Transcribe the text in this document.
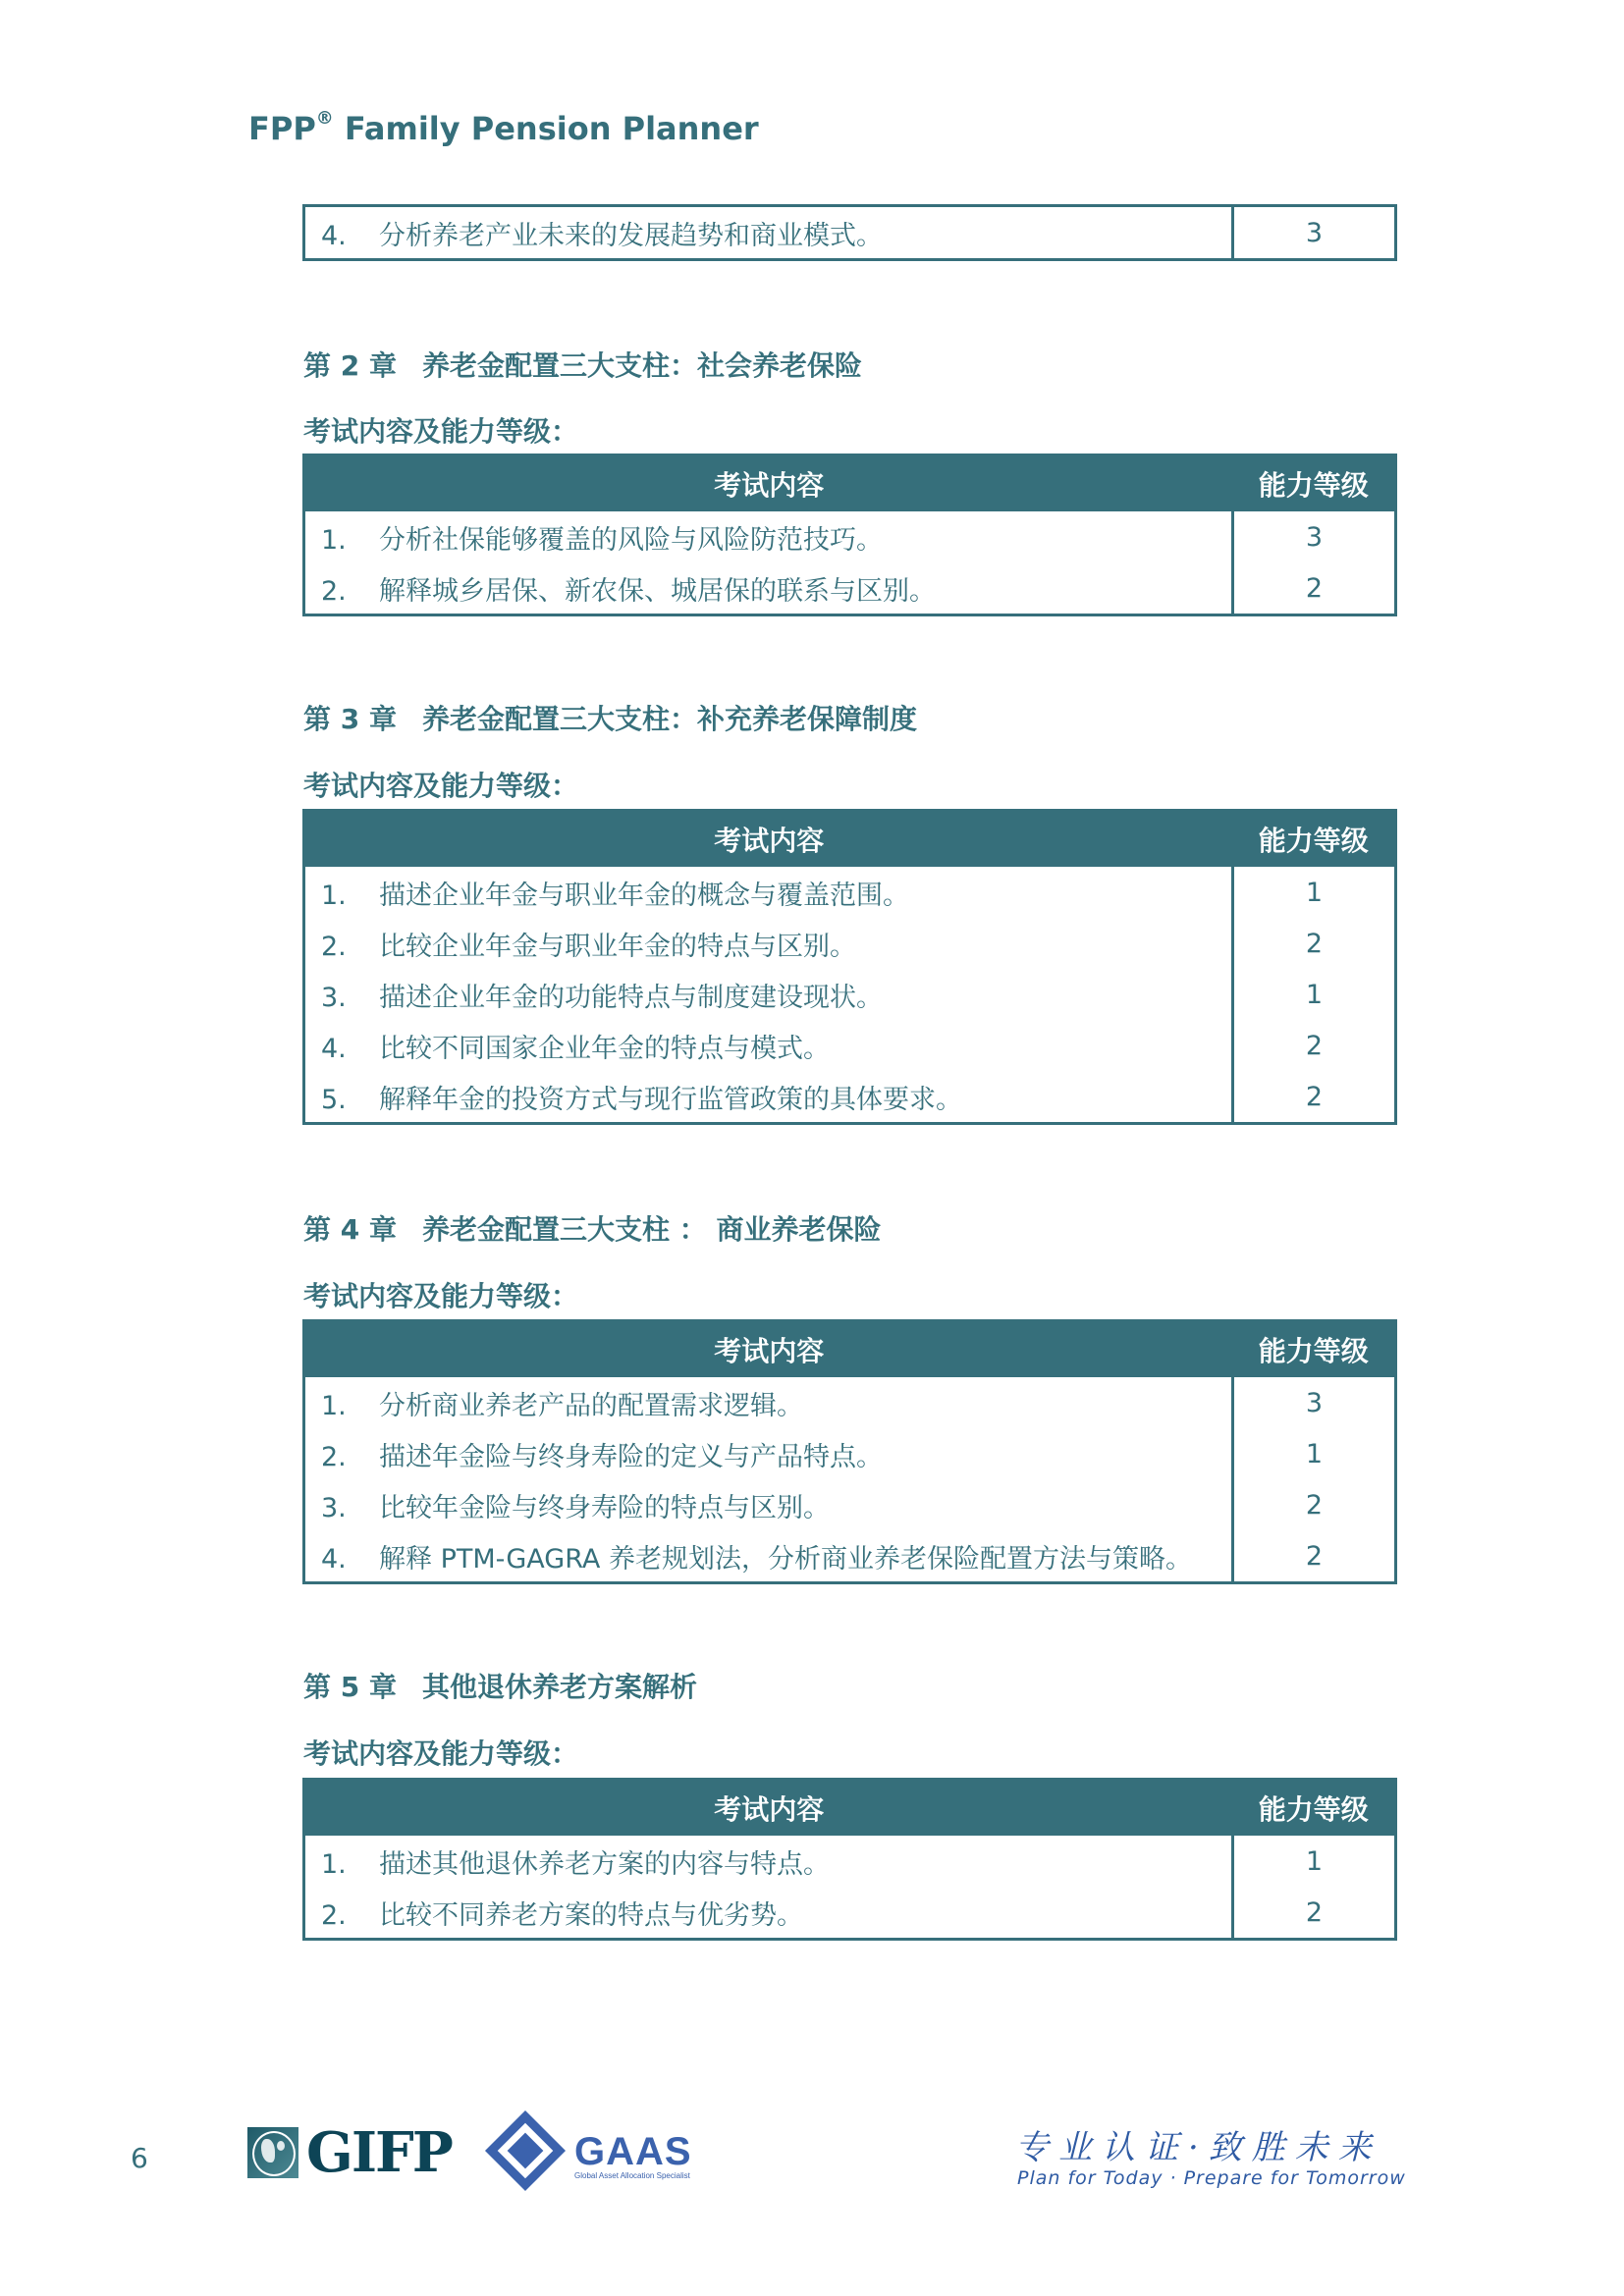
FPP® Family Pension Planner
4. 分析养老产业未来的发展趋势和商业模式。	3
第 2 章 养老金配置三大支柱：社会养老保险
考试内容及能力等级：
考试内容	能力等级
1. 分析社保能够覆盖的风险与风险防范技巧。	3
2. 解释城乡居保、新农保、城居保的联系与区别。	2
第 3 章 养老金配置三大支柱：补充养老保障制度
考试内容及能力等级：
考试内容	能力等级
1. 描述企业年金与职业年金的概念与覆盖范围。	1
2. 比较企业年金与职业年金的特点与区别。	2
3. 描述企业年金的功能特点与制度建设现状。	1
4. 比较不同国家企业年金的特点与模式。	2
5. 解释年金的投资方式与现行监管政策的具体要求。	2
第 4 章 养老金配置三大支柱 ： 商业养老保险
考试内容及能力等级：
考试内容	能力等级
1. 分析商业养老产品的配置需求逻辑。	3
2. 描述年金险与终身寿险的定义与产品特点。	1
3. 比较年金险与终身寿险的特点与区别。	2
4. 解释 PTM-GAGRA 养老规划法，分析商业养老保险配置方法与策略。	2
第 5 章 其他退休养老方案解析
考试内容及能力等级：
考试内容	能力等级
1. 描述其他退休养老方案的内容与特点。	1
2. 比较不同养老方案的特点与优劣势。	2
6	GIFP	GAAS
Global Asset Allocation Specialist
专业认证·致胜未来
Plan for Today · Prepare for Tomorrow
